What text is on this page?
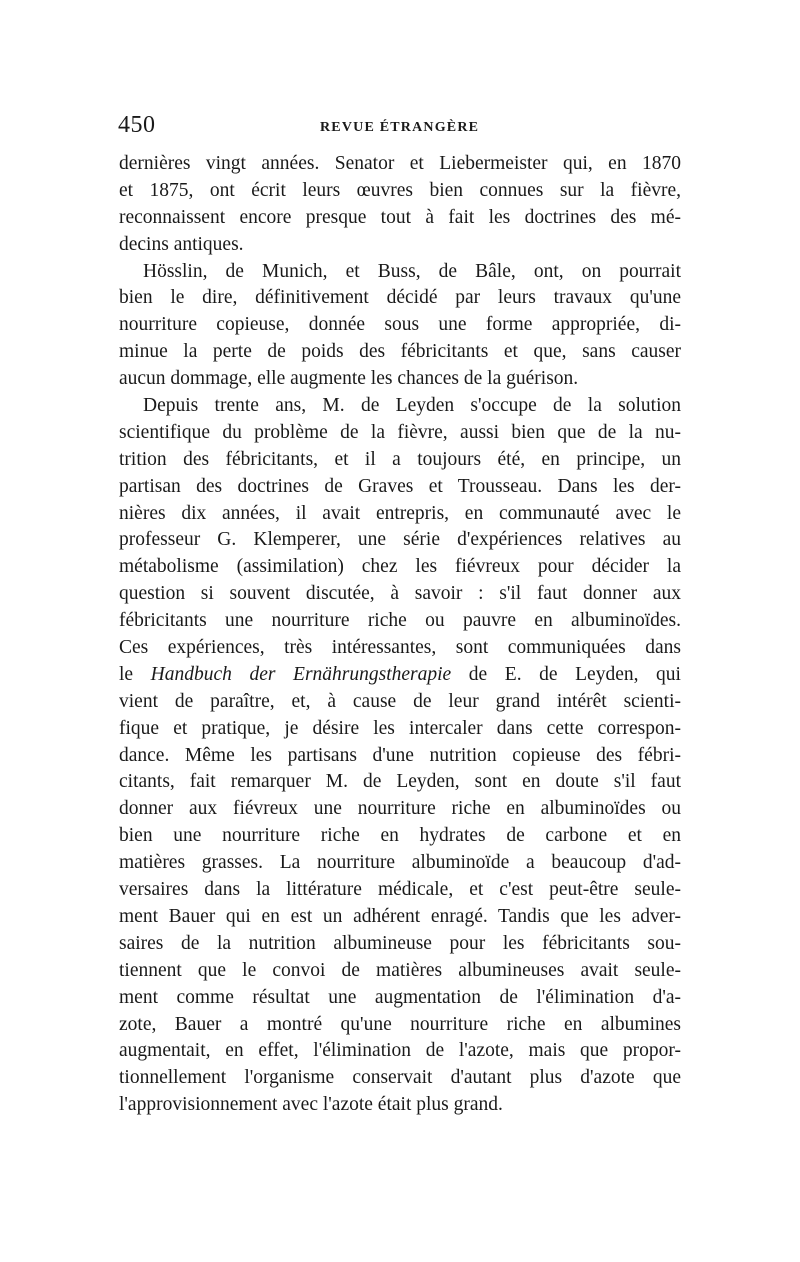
450	REVUE ÉTRANGÈRE
dernières vingt années. Senator et Liebermeister qui, en 1870
et 1875, ont écrit leurs œuvres bien connues sur la fièvre,
reconnaissent encore presque tout à fait les doctrines des mé-
decins antiques.
Hösslin, de Munich, et Buss, de Bâle, ont, on pourrait
bien le dire, définitivement décidé par leurs travaux qu'une
nourriture copieuse, donnée sous une forme appropriée, di-
minue la perte de poids des fébricitants et que, sans causer
aucun dommage, elle augmente les chances de la guérison.
Depuis trente ans, M. de Leyden s'occupe de la solution
scientifique du problème de la fièvre, aussi bien que de la nu-
trition des fébricitants, et il a toujours été, en principe, un
partisan des doctrines de Graves et Trousseau. Dans les der-
nières dix années, il avait entrepris, en communauté avec le
professeur G. Klemperer, une série d'expériences relatives au
métabolisme (assimilation) chez les fiévreux pour décider la
question si souvent discutée, à savoir : s'il faut donner aux
fébricitants une nourriture riche ou pauvre en albuminoïdes.
Ces expériences, très intéressantes, sont communiquées dans
le Handbuch der Ernährungstherapie de E. de Leyden, qui
vient de paraître, et, à cause de leur grand intérêt scienti-
fique et pratique, je désire les intercaler dans cette correspon-
dance. Même les partisans d'une nutrition copieuse des fébri-
citants, fait remarquer M. de Leyden, sont en doute s'il faut
donner aux fiévreux une nourriture riche en albuminoïdes ou
bien une nourriture riche en hydrates de carbone et en
matières grasses. La nourriture albuminoïde a beaucoup d'ad-
versaires dans la littérature médicale, et c'est peut-être seule-
ment Bauer qui en est un adhérent enragé. Tandis que les adver-
saires de la nutrition albumineuse pour les fébricitants sou-
tiennent que le convoi de matières albumineuses avait seule-
ment comme résultat une augmentation de l'élimination d'a-
zote, Bauer a montré qu'une nourriture riche en albumines
augmentait, en effet, l'élimination de l'azote, mais que propor-
tionnellement l'organisme conservait d'autant plus d'azote que
l'approvisionnement avec l'azote était plus grand.
